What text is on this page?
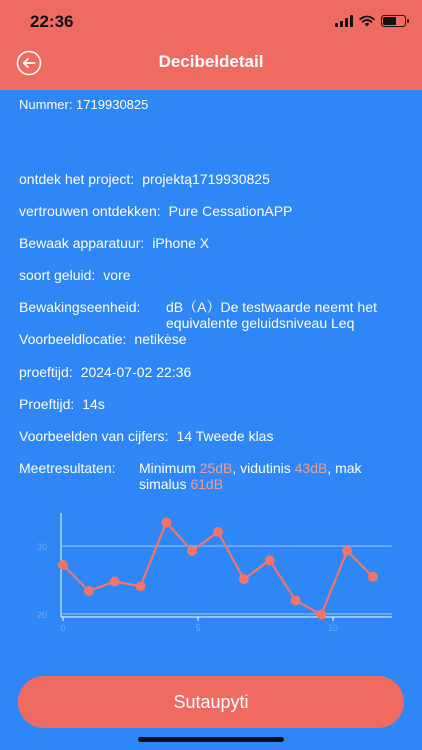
22:36
Decibeldetail
Nummer: 1719930825
ontdek het project: projektą1719930825
vertrouwen ontdekken: Pure CessationAPP
Bewaak apparatuur: iPhone X
soort geluid: vore
Bewakingseenheid: dB（A）De testwaarde neemt het equivalente geluidsniveau Leq
Voorbeeldlocatie: netikėse
proeftijd: 2024-07-02 22:36
Proeftijd: 14s
Voorbeelden van cijfers: 14 Tweede klas
Meetresultaten: Minimum 25dB, vidutinis 43dB, mak simalus 61dB
30
20
0	5	10
Sutaupyti
